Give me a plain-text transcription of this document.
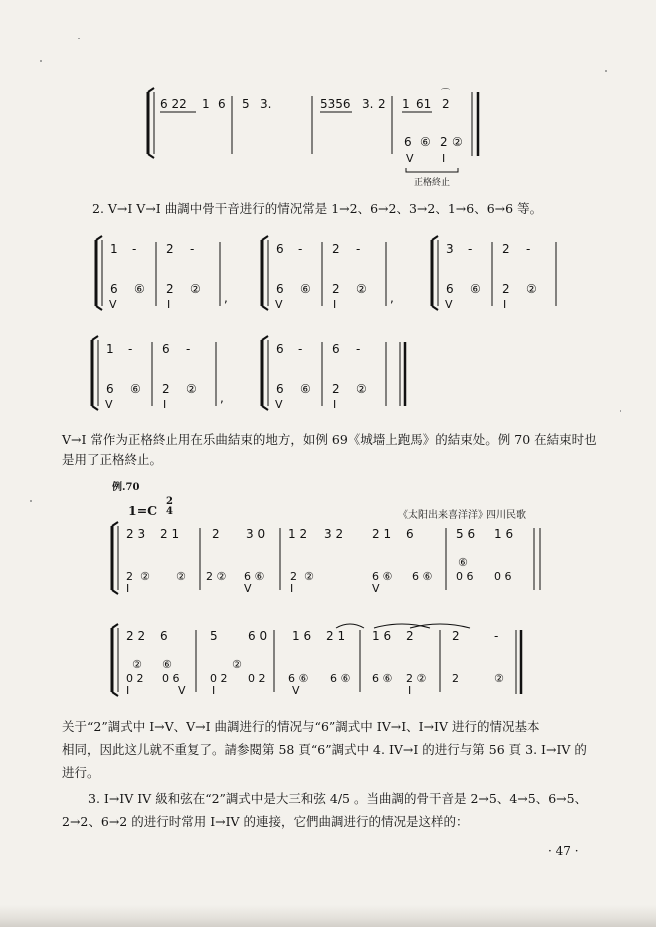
6 22 1 6 5 3.	5356 3. 2 1 61 2
⌒
6 ⑥ 2 ②
V	I
正格終止
2. V→I V→I 曲調中骨干音进行的情况常是 1→2、6→2、3→2、1→6、6→6 等。
1 - 2 -
6 ⑥ 2 ②
V	I	,
6 - 2 -
6 ⑥ 2 ②
V	I	,
3 - 2 -
6 ⑥ 2 ②
V	I
1 - 6 -
6 ⑥ 2 ②
V	I	,
6 - 6 -
6 ⑥ 2 ②
V	I
V→I 常作为正格終止用在乐曲結束的地方，如例 69《城墻上跑馬》的結束处。例 70 在結束时也
是用了正格終止。
例.70
1=C
2
4	《太阳出来喜洋洋》
四川民歌
2 3 2 1	2 3 0 1 2 3 2 2 1 6	5 6 1 6
2 ② ② 2 ② 6 ⑥ 2 ②	6 ⑥ 6 ⑥
⑥
0 6 0 6
I	V	I	V
2 2 6	5	6 0 1 6 2 1 1 6 2	2	-
② ⑥
0 2 0 6
②
0 2 0 2 6 ⑥ 6 ⑥ 6 ⑥ 2 ② 2	②
I	V I	V	I
关于“2”調式中 I→V、V→I 曲調进行的情况与“6”調式中 IV→I、I→IV 进行的情况基本
相同，因此这儿就不重复了。請参閱第 58 頁“6”調式中 4. IV→I 的进行与第 56 頁 3. I→IV 的
进行。
3. I→IV IV 級和弦在“2”調式中是大三和弦 4/5 。当曲調的骨干音是 2→5、4→5、6→5、
2→2、6→2 的进行时常用 I→IV 的連接，它們曲調进行的情况是这样的：
· 47 ·
